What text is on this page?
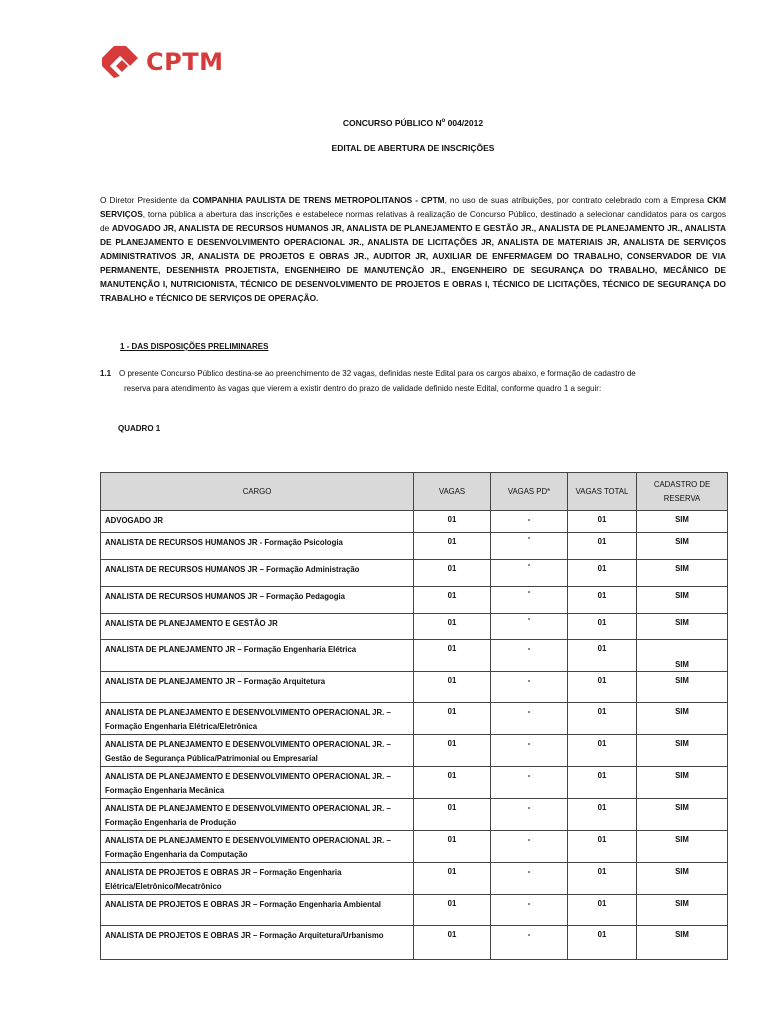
CPTM
CONCURSO PÚBLICO $N^o$ 004/2012
EDITAL DE ABERTURA DE INSCRIÇÕES
O Diretor Presidente da COMPANHIA PAULISTA DE TRENS METROPOLITANOS - CPTM, no uso de suas atribuições, por contrato celebrado com a Empresa CKM SERVIÇOS, torna pública a abertura das inscrições e estabelece normas relativas à realização de Concurso Público, destinado a selecionar candidatos para os cargos de ADVOGADO JR, ANALISTA DE RECURSOS HUMANOS JR, ANALISTA DE PLANEJAMENTO E GESTÃO JR., ANALISTA DE PLANEJAMENTO JR., ANALISTA DE PLANEJAMENTO E DESENVOLVIMENTO OPERACIONAL JR., ANALISTA DE LICITAÇÕES JR, ANALISTA DE MATERIAIS JR, ANALISTA DE SERVIÇOS ADMINISTRATIVOS JR, ANALISTA DE PROJETOS E OBRAS JR., AUDITOR JR, AUXILIAR DE ENFERMAGEM DO TRABALHO, CONSERVADOR DE VIA PERMANENTE, DESENHISTA PROJETISTA, ENGENHEIRO DE MANUTENÇÃO JR., ENGENHEIRO DE SEGURANÇA DO TRABALHO, MECÂNICO DE MANUTENÇÃO I, NUTRICIONISTA, TÉCNICO DE DESENVOLVIMENTO DE PROJETOS E OBRAS I, TÉCNICO DE LICITAÇÕES, TÉCNICO DE SEGURANÇA DO TRABALHO e TÉCNICO DE SERVIÇOS DE OPERAÇÃO.
1 - DAS DISPOSIÇÕES PRELIMINARES
1.1 O presente Concurso Público destina-se ao preenchimento de 32 vagas, definidas neste Edital para os cargos abaixo, e formação de cadastro de
reserva para atendimento às vagas que vierem a existir dentro do prazo de validade definido neste Edital, conforme quadro 1 a seguir:
QUADRO 1
CARGO	VAGAS	VAGAS PD*	VAGAS TOTAL	CADASTRO DE RESERVA
ADVOGADO JR	01	-	01	SIM
ANALISTA DE RECURSOS HUMANOS JR - Formação Psicologia	01	-	01	SIM
ANALISTA DE RECURSOS HUMANOS JR – Formação Administração	01	-	01	SIM
ANALISTA DE RECURSOS HUMANOS JR – Formação Pedagogia	01	-	01	SIM
ANALISTA DE PLANEJAMENTO E GESTÃO JR	01	-	01	SIM
ANALISTA DE PLANEJAMENTO JR – Formação Engenharia Elétrica	01	-	01	SIM
ANALISTA DE PLANEJAMENTO JR – Formação Arquitetura	01	-	01	SIM
ANALISTA DE PLANEJAMENTO E DESENVOLVIMENTO OPERACIONAL JR. – Formação Engenharia Elétrica/Eletrônica	01	-	01	SIM
ANALISTA DE PLANEJAMENTO E DESENVOLVIMENTO OPERACIONAL JR. – Gestão de Segurança Pública/Patrimonial ou Empresarial	01	-	01	SIM
ANALISTA DE PLANEJAMENTO E DESENVOLVIMENTO OPERACIONAL JR. – Formação Engenharia Mecânica	01	-	01	SIM
ANALISTA DE PLANEJAMENTO E DESENVOLVIMENTO OPERACIONAL JR. – Formação Engenharia de Produção	01	-	01	SIM
ANALISTA DE PLANEJAMENTO E DESENVOLVIMENTO OPERACIONAL JR. – Formação Engenharia da Computação	01	-	01	SIM
ANALISTA DE PROJETOS E OBRAS JR – Formação Engenharia Elétrica/Eletrônico/Mecatrônico	01	-	01	SIM
ANALISTA DE PROJETOS E OBRAS JR – Formação Engenharia Ambiental	01	-	01	SIM
ANALISTA DE PROJETOS E OBRAS JR – Formação Arquitetura/Urbanismo	01	-	01	SIM
